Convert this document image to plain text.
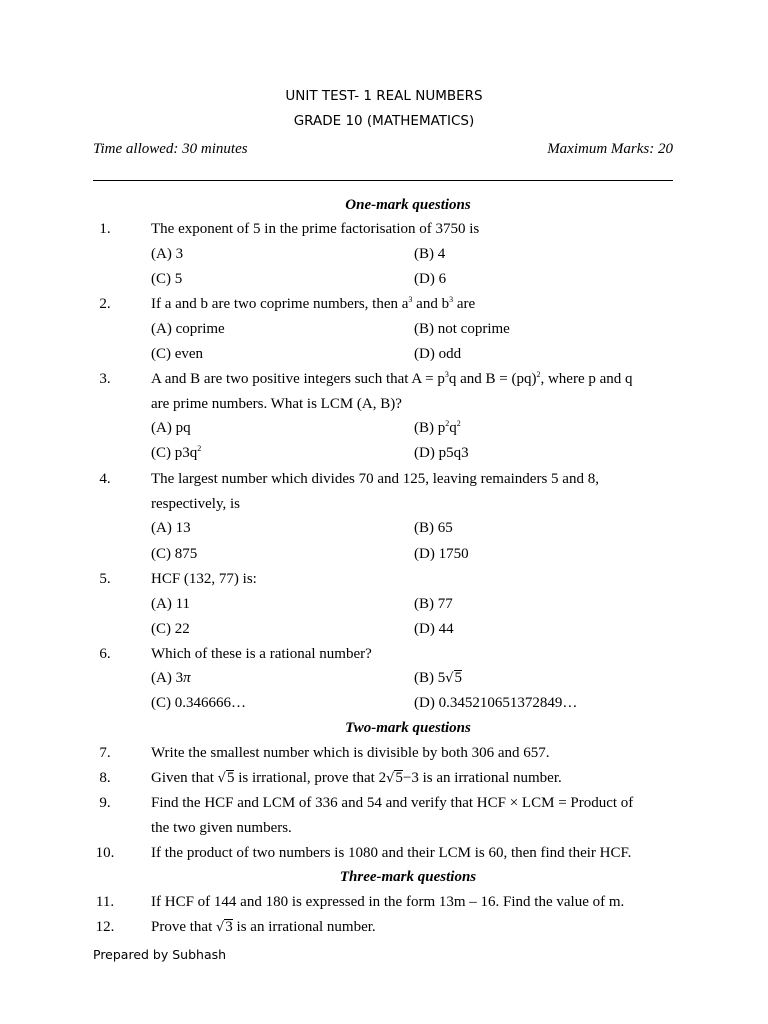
UNIT TEST- 1 REAL NUMBERS
GRADE 10 (MATHEMATICS)
Time allowed: 30 minutes	Maximum Marks: 20
One-mark questions
1.	The exponent of 5 in the prime factorisation of 3750 is
(A) 3	(B) 4
(C) 5	(D) 6
2.	If a and b are two coprime numbers, then $a^3$ and $b^3$ are
(A) coprime	(B) not coprime
(C) even	(D) odd
3.	A and B are two positive integers such that $A = p^3q$ and B = (pq)$^2$, where p and q
are prime numbers. What is LCM (A, B)?
(A) pq	(B) $p^2q^2$
(C) $p3q^2$	(D) p5q3
4.	The largest number which divides 70 and 125, leaving remainders 5 and 8,
respectively, is
(A) 13	(B) 65
(C) 875	(D) 1750
5.	HCF (132, 77) is:
(A) 11	(B) 77
(C) 22	(D) 44
6.	Which of these is a rational number?
(A) 3π	(B) 5√5
(C) 0.346666…	(D) 0.345210651372849…
Two-mark questions
7.	Write the smallest number which is divisible by both 306 and 657.
8.	Given that √5 is irrational, prove that 2√5−3 is an irrational number.
9.	Find the HCF and LCM of 336 and 54 and verify that HCF × LCM = Product of
the two given numbers.
10.	If the product of two numbers is 1080 and their LCM is 60, then find their HCF.
Three-mark questions
11.	If HCF of 144 and 180 is expressed in the form 13m – 16. Find the value of m.
12.	Prove that √3 is an irrational number.
Prepared by Subhash
